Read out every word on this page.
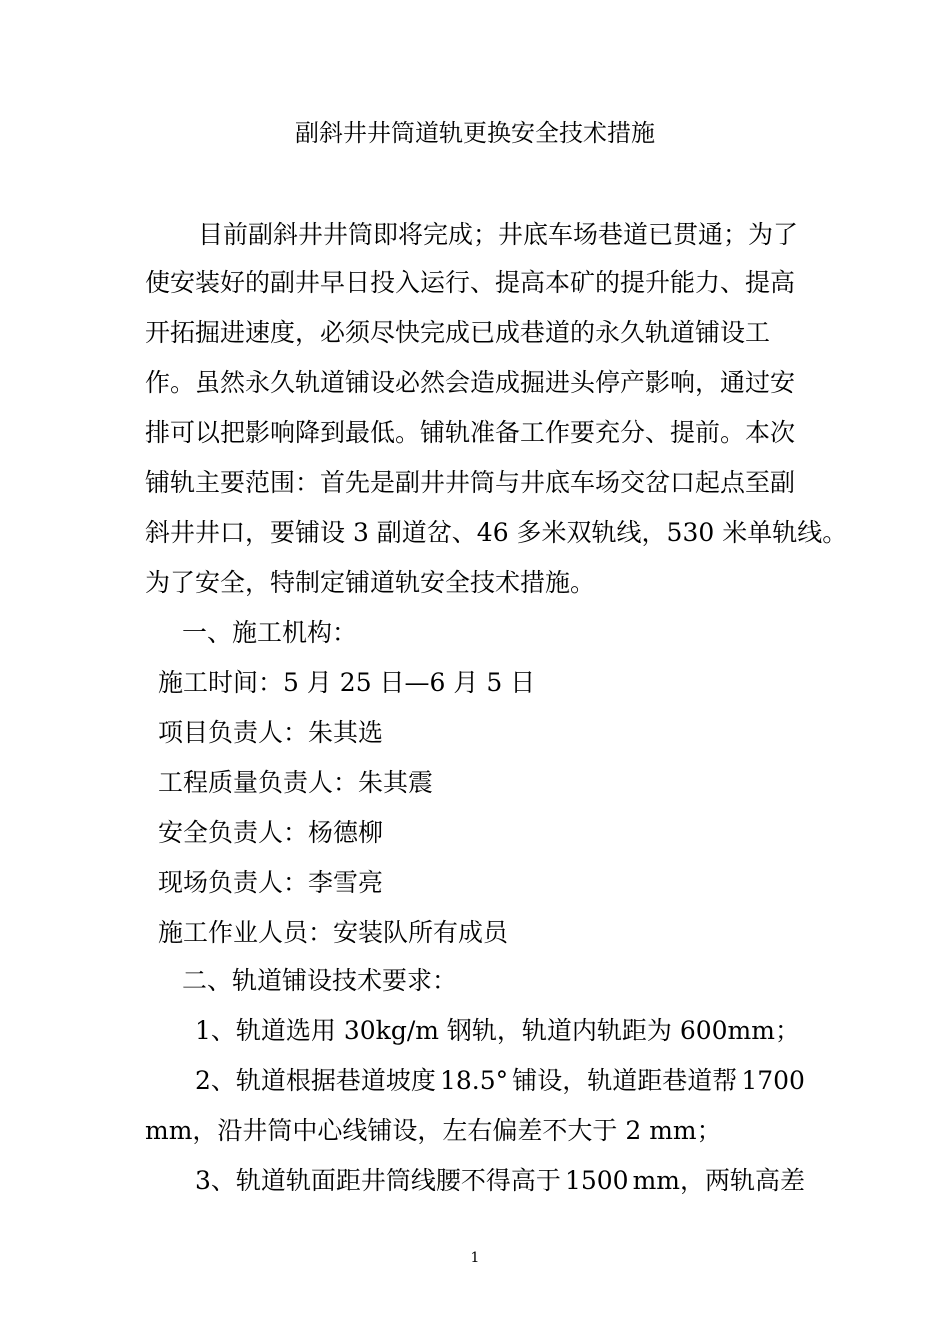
副斜井井筒道轨更换安全技术措施
目前副斜井井筒即将完成；井底车场巷道已贯通；为了
使安装好的副井早日投入运行、提高本矿的提升能力、提高
开拓掘进速度，必须尽快完成已成巷道的永久轨道铺设工
作。虽然永久轨道铺设必然会造成掘进头停产影响，通过安
排可以把影响降到最低。铺轨准备工作要充分、提前。本次
铺轨主要范围：首先是副井井筒与井底车场交岔口起点至副
斜井井口，要铺设 3 副道岔、46 多米双轨线，530 米单轨线。
为了安全，特制定铺道轨安全技术措施。
一、施工机构：
施工时间：5 月 25 日—6 月 5 日
项目负责人：朱其选
工程质量负责人：朱其震
安全负责人：杨德柳
现场负责人：李雪亮
施工作业人员：安装队所有成员
二、轨道铺设技术要求：
1、轨道选用 30kg/m 钢轨，轨道内轨距为 600mm；
2、轨道根据巷道坡度 18.5° 铺设，轨道距巷道帮 1700
mm，沿井筒中心线铺设，左右偏差不大于 2 mm；
3、轨道轨面距井筒线腰不得高于 1500 mm，两轨高差
1
